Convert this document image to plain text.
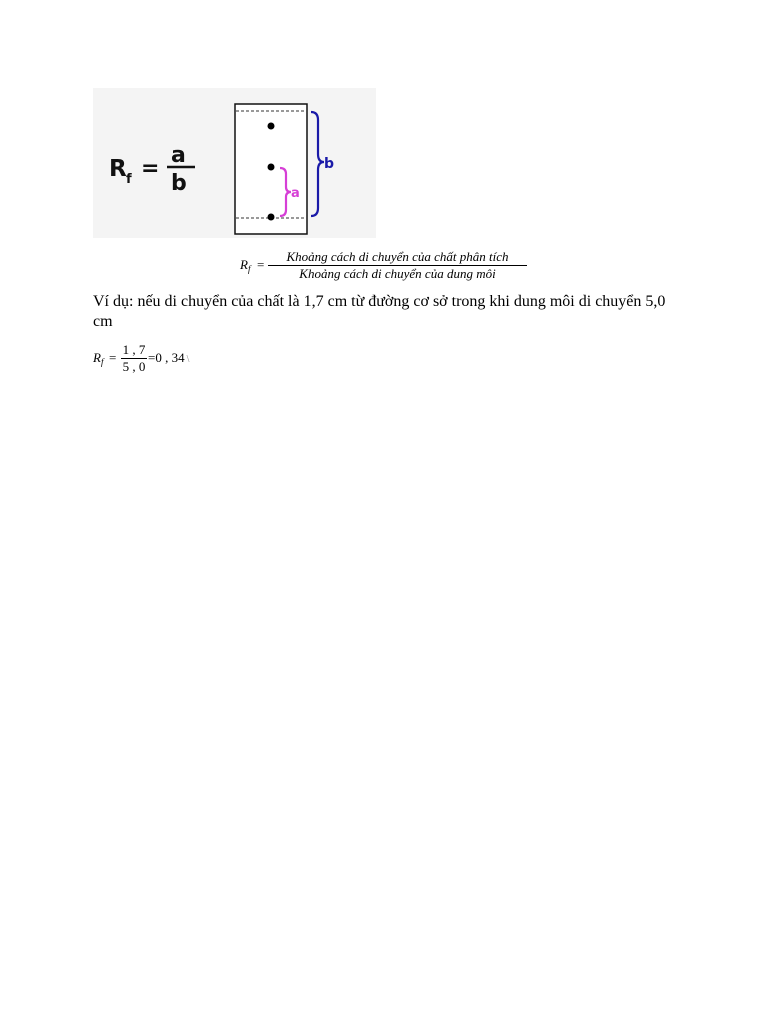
R f =
a
b	a
b
$R_f$ =
Khoảng cách di chuyển của chất phân tích
Khoảng cách di chuyển của dung môi
Ví dụ: nếu di chuyển của chất là 1,7 cm từ đường cơ sở trong khi dung môi di chuyển 5,0 cm
$R_f = \frac{1 , 7}{5 , 0} =0$ , 34 \
